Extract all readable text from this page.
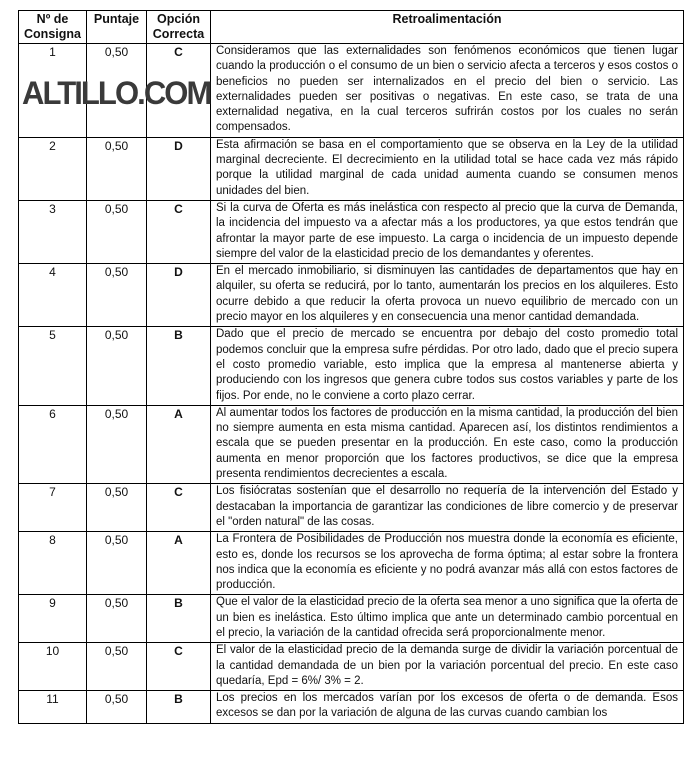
Nº de Consigna	Puntaje	Opción Correcta	Retroalimentación
1	0,50	C	Consideramos que las externalidades son fenómenos económicos que tienen lugar cuando la producción o el consumo de un bien o servicio afecta a terceros y esos costos o beneficios no pueden ser internalizados en el precio del bien o servicio. Las externalidades pueden ser positivas o negativas. En este caso, se trata de una externalidad negativa, en la cual terceros sufrirán costos por los cuales no serán compensados.
2	0,50	D	Esta afirmación se basa en el comportamiento que se observa en la Ley de la utilidad marginal decreciente. El decrecimiento en la utilidad total se hace cada vez más rápido porque la utilidad marginal de cada unidad aumenta cuando se consumen menos unidades del bien.
3	0,50	C	Si la curva de Oferta es más inelástica con respecto al precio que la curva de Demanda, la incidencia del impuesto va a afectar más a los productores, ya que estos tendrán que afrontar la mayor parte de ese impuesto. La carga o incidencia de un impuesto depende siempre del valor de la elasticidad precio de los demandantes y oferentes.
4	0,50	D	En el mercado inmobiliario, si disminuyen las cantidades de departamentos que hay en alquiler, su oferta se reducirá, por lo tanto, aumentarán los precios en los alquileres. Esto ocurre debido a que reducir la oferta provoca un nuevo equilibrio de mercado con un precio mayor en los alquileres y en consecuencia una menor cantidad demandada.
5	0,50	B	Dado que el precio de mercado se encuentra por debajo del costo promedio total podemos concluir que la empresa sufre pérdidas. Por otro lado, dado que el precio supera el costo promedio variable, esto implica que la empresa al mantenerse abierta y produciendo con los ingresos que genera cubre todos sus costos variables y parte de los fijos. Por ende, no le conviene a corto plazo cerrar.
6	0,50	A	Al aumentar todos los factores de producción en la misma cantidad, la producción del bien no siempre aumenta en esta misma cantidad. Aparecen así, los distintos rendimientos a escala que se pueden presentar en la producción. En este caso, como la producción aumenta en menor proporción que los factores productivos, se dice que la empresa presenta rendimientos decrecientes a escala.
7	0,50	C	Los fisiócratas sostenían que el desarrollo no requería de la intervención del Estado y destacaban la importancia de garantizar las condiciones de libre comercio y de preservar el "orden natural" de las cosas.
8	0,50	A	La Frontera de Posibilidades de Producción nos muestra donde la economía es eficiente, esto es, donde los recursos se los aprovecha de forma óptima; al estar sobre la frontera nos indica que la economía es eficiente y no podrá avanzar más allá con estos factores de producción.
9	0,50	B	Que el valor de la elasticidad precio de la oferta sea menor a uno significa que la oferta de un bien es inelástica. Esto último implica que ante un determinado cambio porcentual en el precio, la variación de la cantidad ofrecida será proporcionalmente menor.
10	0,50	C	El valor de la elasticidad precio de la demanda surge de dividir la variación porcentual de la cantidad demandada de un bien por la variación porcentual del precio. En este caso quedaría, Epd = 6%/ 3% = 2.
11	0,50	B	Los precios en los mercados varían por los excesos de oferta o de demanda. Esos excesos se dan por la variación de alguna de las curvas cuando cambian los
ALTILLO.COM
